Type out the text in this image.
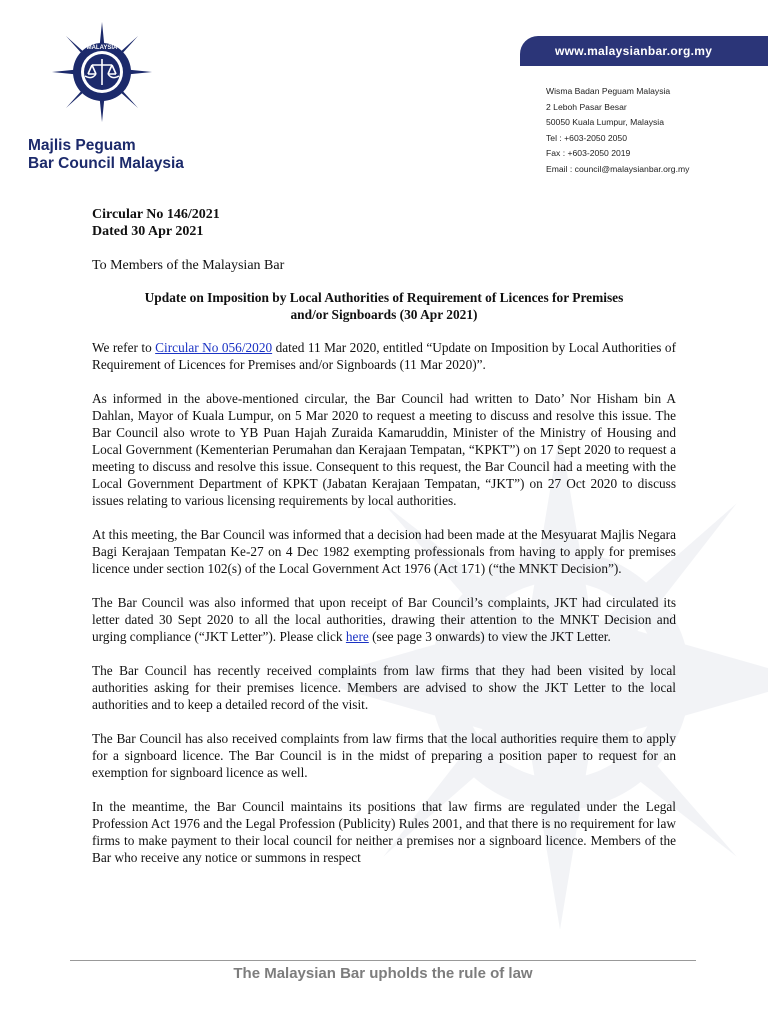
MALAYSIA
Majlis Peguam
Bar Council Malaysia
www.malaysianbar.org.my
Wisma Badan Peguam Malaysia
2 Leboh Pasar Besar
50050 Kuala Lumpur, Malaysia
Tel : +603-2050 2050
Fax : +603-2050 2019
Email : council@malaysianbar.org.my
Circular No 146/2021
Dated 30 Apr 2021
To Members of the Malaysian Bar
Update on Imposition by Local Authorities of Requirement of Licences for Premises
and/or Signboards (30 Apr 2021)

We refer to Circular No 056/2020 dated 11 Mar 2020, entitled “Update on Imposition by Local Authorities of Requirement of Licences for Premises and/or Signboards (11 Mar 2020)”.

As informed in the above-mentioned circular, the Bar Council had written to Dato’ Nor Hisham bin A Dahlan, Mayor of Kuala Lumpur, on 5 Mar 2020 to request a meeting to discuss and resolve this issue. The Bar Council also wrote to YB Puan Hajah Zuraida Kamaruddin, Minister of the Ministry of Housing and Local Government (Kementerian Perumahan dan Kerajaan Tempatan, “KPKT”) on 17 Sept 2020 to request a meeting to discuss and resolve this issue. Consequent to this request, the Bar Council had a meeting with the Local Government Department of KPKT (Jabatan Kerajaan Tempatan, “JKT”) on 27 Oct 2020 to discuss issues relating to various licensing requirements by local authorities.

At this meeting, the Bar Council was informed that a decision had been made at the Mesyuarat Majlis Negara Bagi Kerajaan Tempatan Ke-27 on 4 Dec 1982 exempting professionals from having to apply for premises licence under section 102(s) of the Local Government Act 1976 (Act 171) (“the MNKT Decision”).

The Bar Council was also informed that upon receipt of Bar Council’s complaints, JKT had circulated its letter dated 30 Sept 2020 to all the local authorities, drawing their attention to the MNKT Decision and urging compliance (“JKT Letter”). Please click here (see page 3 onwards) to view the JKT Letter.

The Bar Council has recently received complaints from law firms that they had been visited by local authorities asking for their premises licence. Members are advised to show the JKT Letter to the local authorities and to keep a detailed record of the visit.

The Bar Council has also received complaints from law firms that the local authorities require them to apply for a signboard licence. The Bar Council is in the midst of preparing a position paper to request for an exemption for signboard licence as well.

In the meantime, the Bar Council maintains its positions that law firms are regulated under the Legal Profession Act 1976 and the Legal Profession (Publicity) Rules 2001, and that there is no requirement for law firms to make payment to their local council for neither a premises nor a signboard licence. Members of the Bar who receive any notice or summons in respect

The Malaysian Bar upholds the rule of law
